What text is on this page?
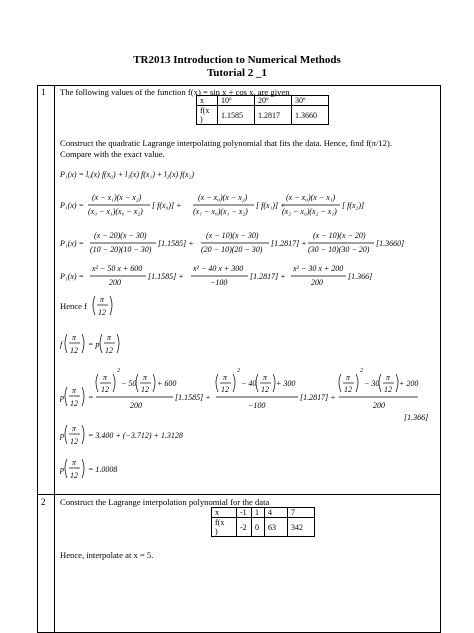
TR2013 Introduction to Numerical Methods
Tutorial 2 _1
1 The following values of the function f(x) = sin x + cos x, are given
x	10º	20º	30º
f(x
)	1.1585	1.2817	1.3660
Construct the quadratic Lagrange interpolating polynomial that fits the data. Hence, find f(π/12).
Compare with the exact value.
P₁(x) = l₀(x) f(x₀) + l₁(x) f(x₁) + l₂(x) f(x₂)
P₁(x) =
(x − x₁)(x − x₂)
(x₀ − x₁)(x₀ − x₂)
[ f(x₀)] +
(x − x₀)(x − x₂)
(x₁ − x₀)(x₁ − x₂)
[ f(x₁)] +
(x − x₀)(x − x₁)
(x₂ − x₀)(x₂ − x₁)
[ f(x₂)]
P₁(x) =
(x − 20)(x − 30)
(10 − 20)(10 − 30)
[1.1585] +
(x − 10)(x − 30)
(20 − 10)(20 − 30)
[1.2817] +
(x − 10)(x − 20)
(30 − 10)(30 − 20)
[1.3660]
P₁(x) =
x² − 50 x + 600
200
[1.1585] +
x² − 40 x + 300
−100
[1.2817] +
x² − 30 x + 200
200
[1.366]
Hence f
π
12
f
π
12
= p
π
12
p
π
12
=
π
12
2
− 50
π
12
+ 600
200
[1.1585] +
π
12
2
− 40
π
12
+ 300
−100
[1.2817] +
π
12
2
− 30
π
12
+ 200
200
[1.366]
p
π
12
= 3.400 + (−3.712) + 1.3128
p
π
12
= 1.0008
2 Construct the Lagrange interpolation polynomial for the data
x	-1	1	4	7
f(x
)	-2	0	63	342
Hence, interpolate at x = 5.
